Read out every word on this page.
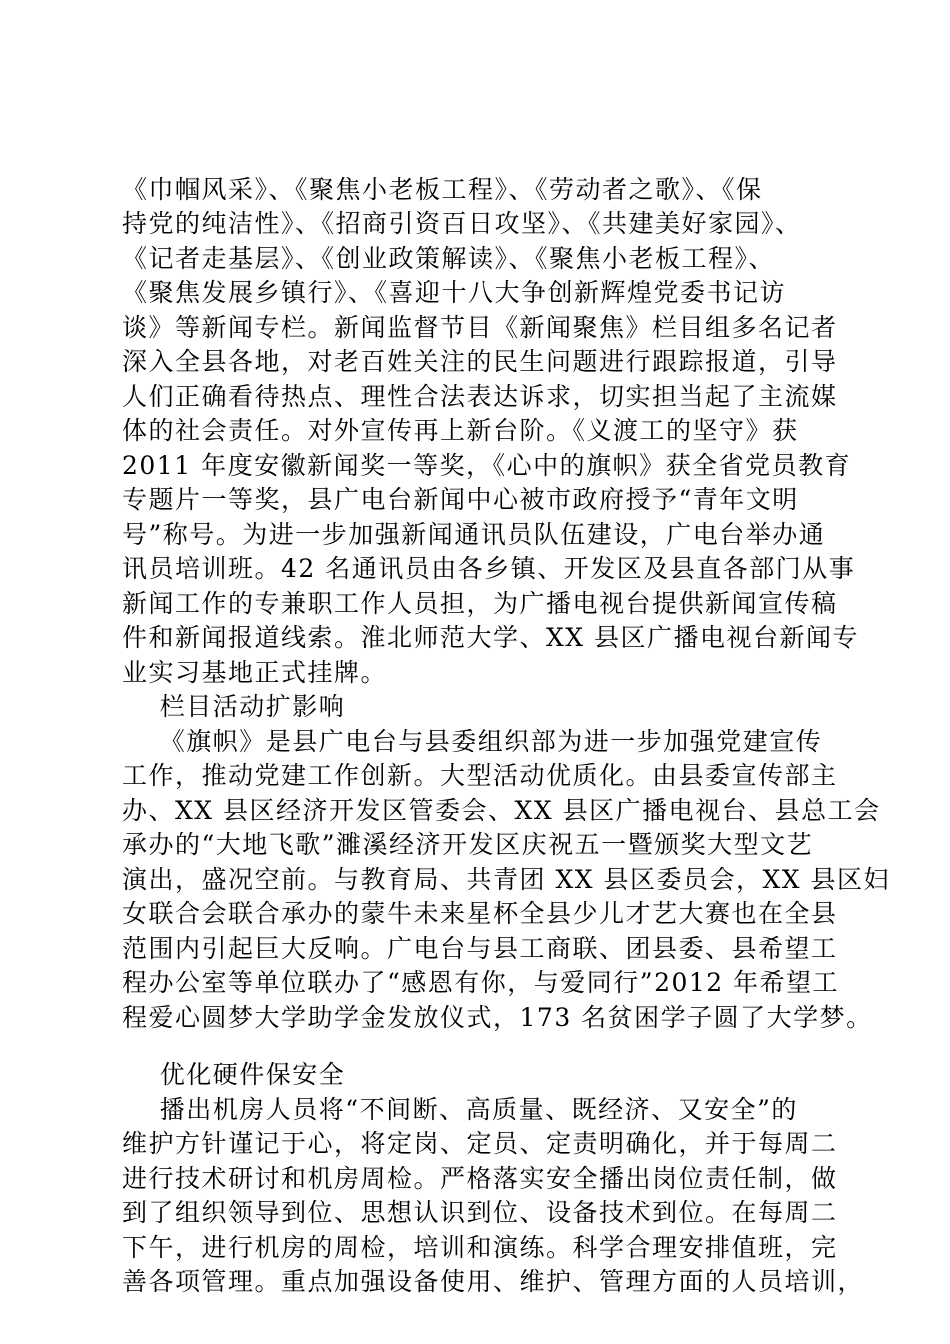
《巾帼风采》、《聚焦小老板工程》、《劳动者之歌》、《保
持党的纯洁性》、《招商引资百日攻坚》、《共建美好家园》、
《记者走基层》、《创业政策解读》、《聚焦小老板工程》、
《聚焦发展乡镇行》、《喜迎十八大争创新辉煌党委书记访
谈》等新闻专栏。新闻监督节目《新闻聚焦》栏目组多名记者
深入全县各地，对老百姓关注的民生问题进行跟踪报道，引导
人们正确看待热点、理性合法表达诉求，切实担当起了主流媒
体的社会责任。对外宣传再上新台阶。《义渡工的坚守》获
2011 年度安徽新闻奖一等奖，《心中的旗帜》获全省党员教育
专题片一等奖，县广电台新闻中心被市政府授予“青年文明
号”称号。为进一步加强新闻通讯员队伍建设，广电台举办通
讯员培训班。42 名通讯员由各乡镇、开发区及县直各部门从事
新闻工作的专兼职工作人员担，为广播电视台提供新闻宣传稿
件和新闻报道线索。淮北师范大学、XX 县区广播电视台新闻专
业实习基地正式挂牌。
栏目活动扩影响
《旗帜》是县广电台与县委组织部为进一步加强党建宣传
工作，推动党建工作创新。大型活动优质化。由县委宣传部主
办、XX 县区经济开发区管委会、XX 县区广播电视台、县总工会
承办的“大地飞歌”濉溪经济开发区庆祝五一暨颁奖大型文艺
演出，盛况空前。与教育局、共青团 XX 县区委员会，XX 县区妇
女联合会联合承办的蒙牛未来星杯全县少儿才艺大赛也在全县
范围内引起巨大反响。广电台与县工商联、团县委、县希望工
程办公室等单位联办了“感恩有你，与爱同行”2012 年希望工
程爱心圆梦大学助学金发放仪式，173 名贫困学子圆了大学梦。
优化硬件保安全
播出机房人员将“不间断、高质量、既经济、又安全”的
维护方针谨记于心，将定岗、定员、定责明确化，并于每周二
进行技术研讨和机房周检。严格落实安全播出岗位责任制，做
到了组织领导到位、思想认识到位、设备技术到位。在每周二
下午，进行机房的周检，培训和演练。科学合理安排值班，完
善各项管理。重点加强设备使用、维护、管理方面的人员培训，
